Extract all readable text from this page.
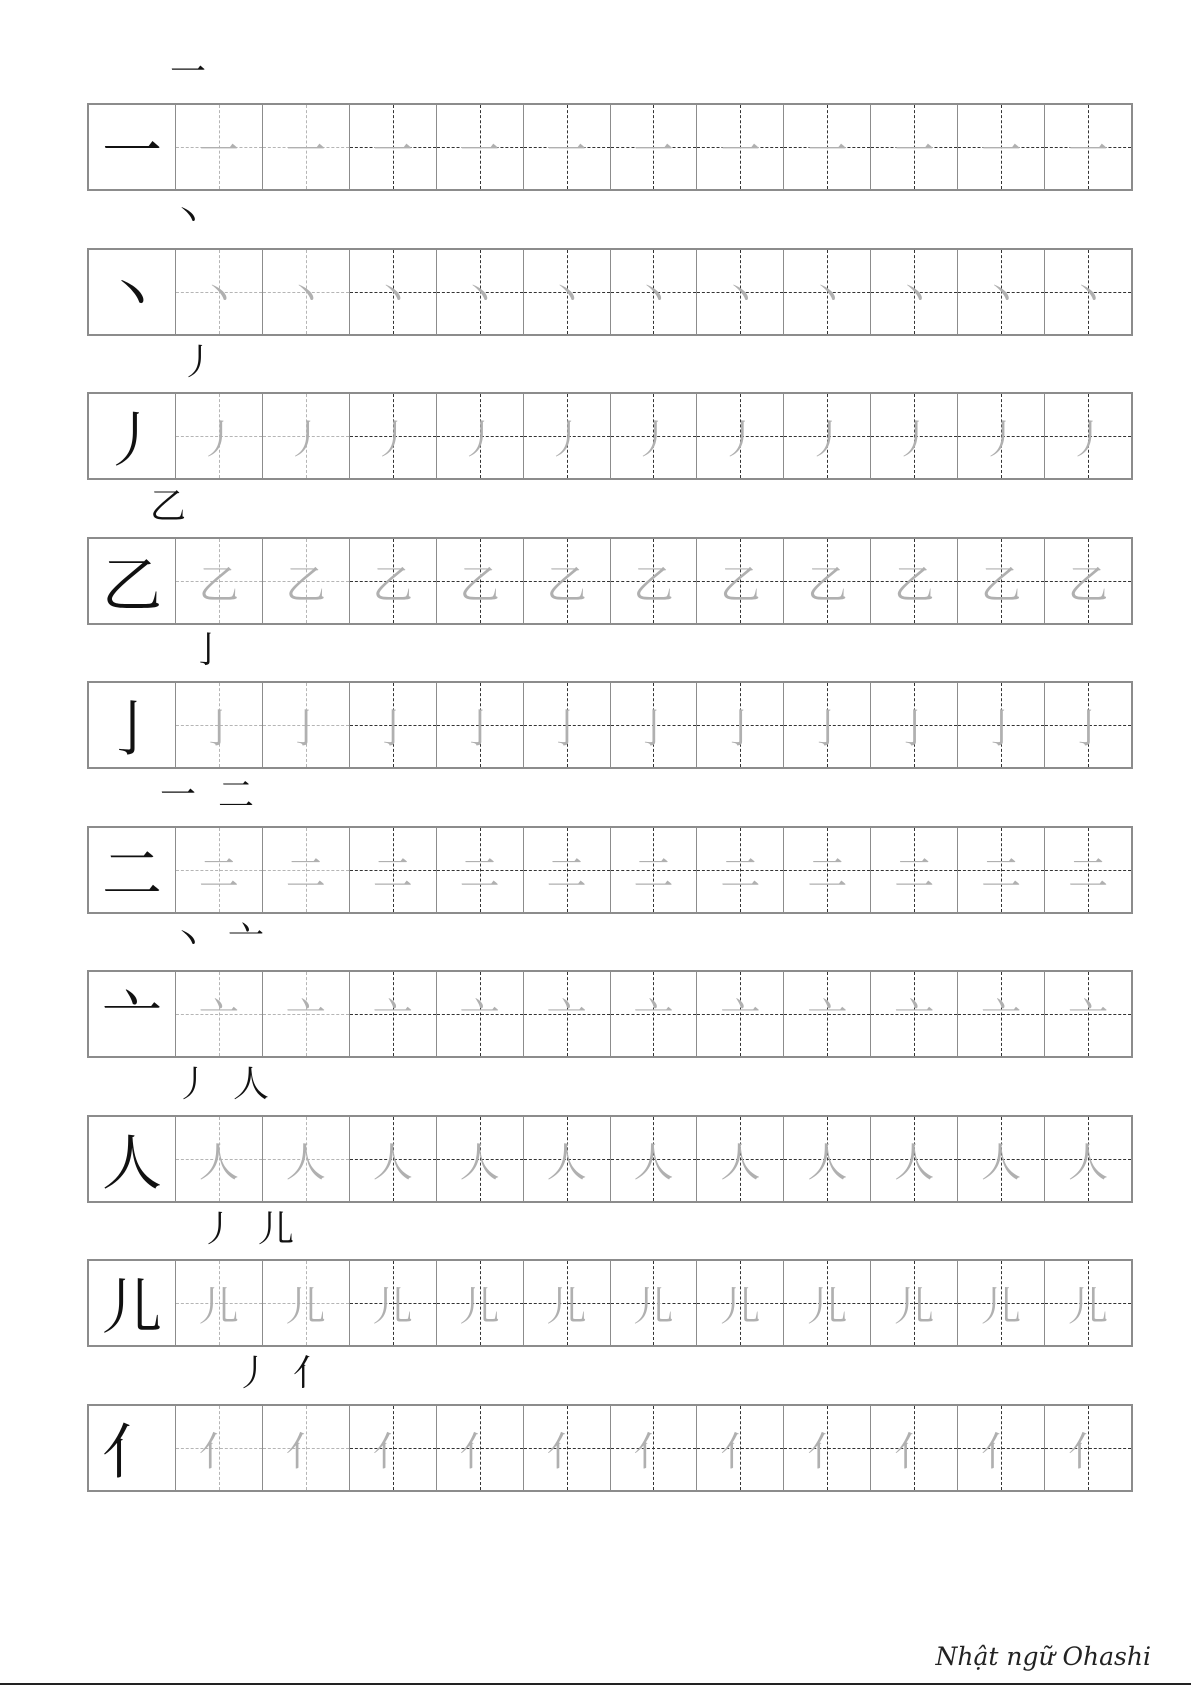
一
一 一 一 一 一 一 一 一 一 一 一 一
丶
丶 丶 丶 丶 丶 丶 丶 丶 丶 丶 丶 丶
丿
丿 丿 丿 丿 丿 丿 丿 丿 丿 丿 丿 丿
乙
乙 乙 乙 乙 乙 乙 乙 乙 乙 乙 乙 乙
亅
亅 亅 亅 亅 亅 亅 亅 亅 亅 亅 亅 亅
一 二
二 二 二 二 二 二 二 二 二 二 二 二
丶 亠
亠 亠 亠 亠 亠 亠 亠 亠 亠 亠 亠 亠
丿 人
人 人 人 人 人 人 人 人 人 人 人 人
丿 儿
儿 儿 儿 儿 儿 儿 儿 儿 儿 儿 儿 儿
丿 亻
亻 亻 亻 亻 亻 亻 亻 亻 亻 亻 亻 亻
Nhật ngữ Ohashi
